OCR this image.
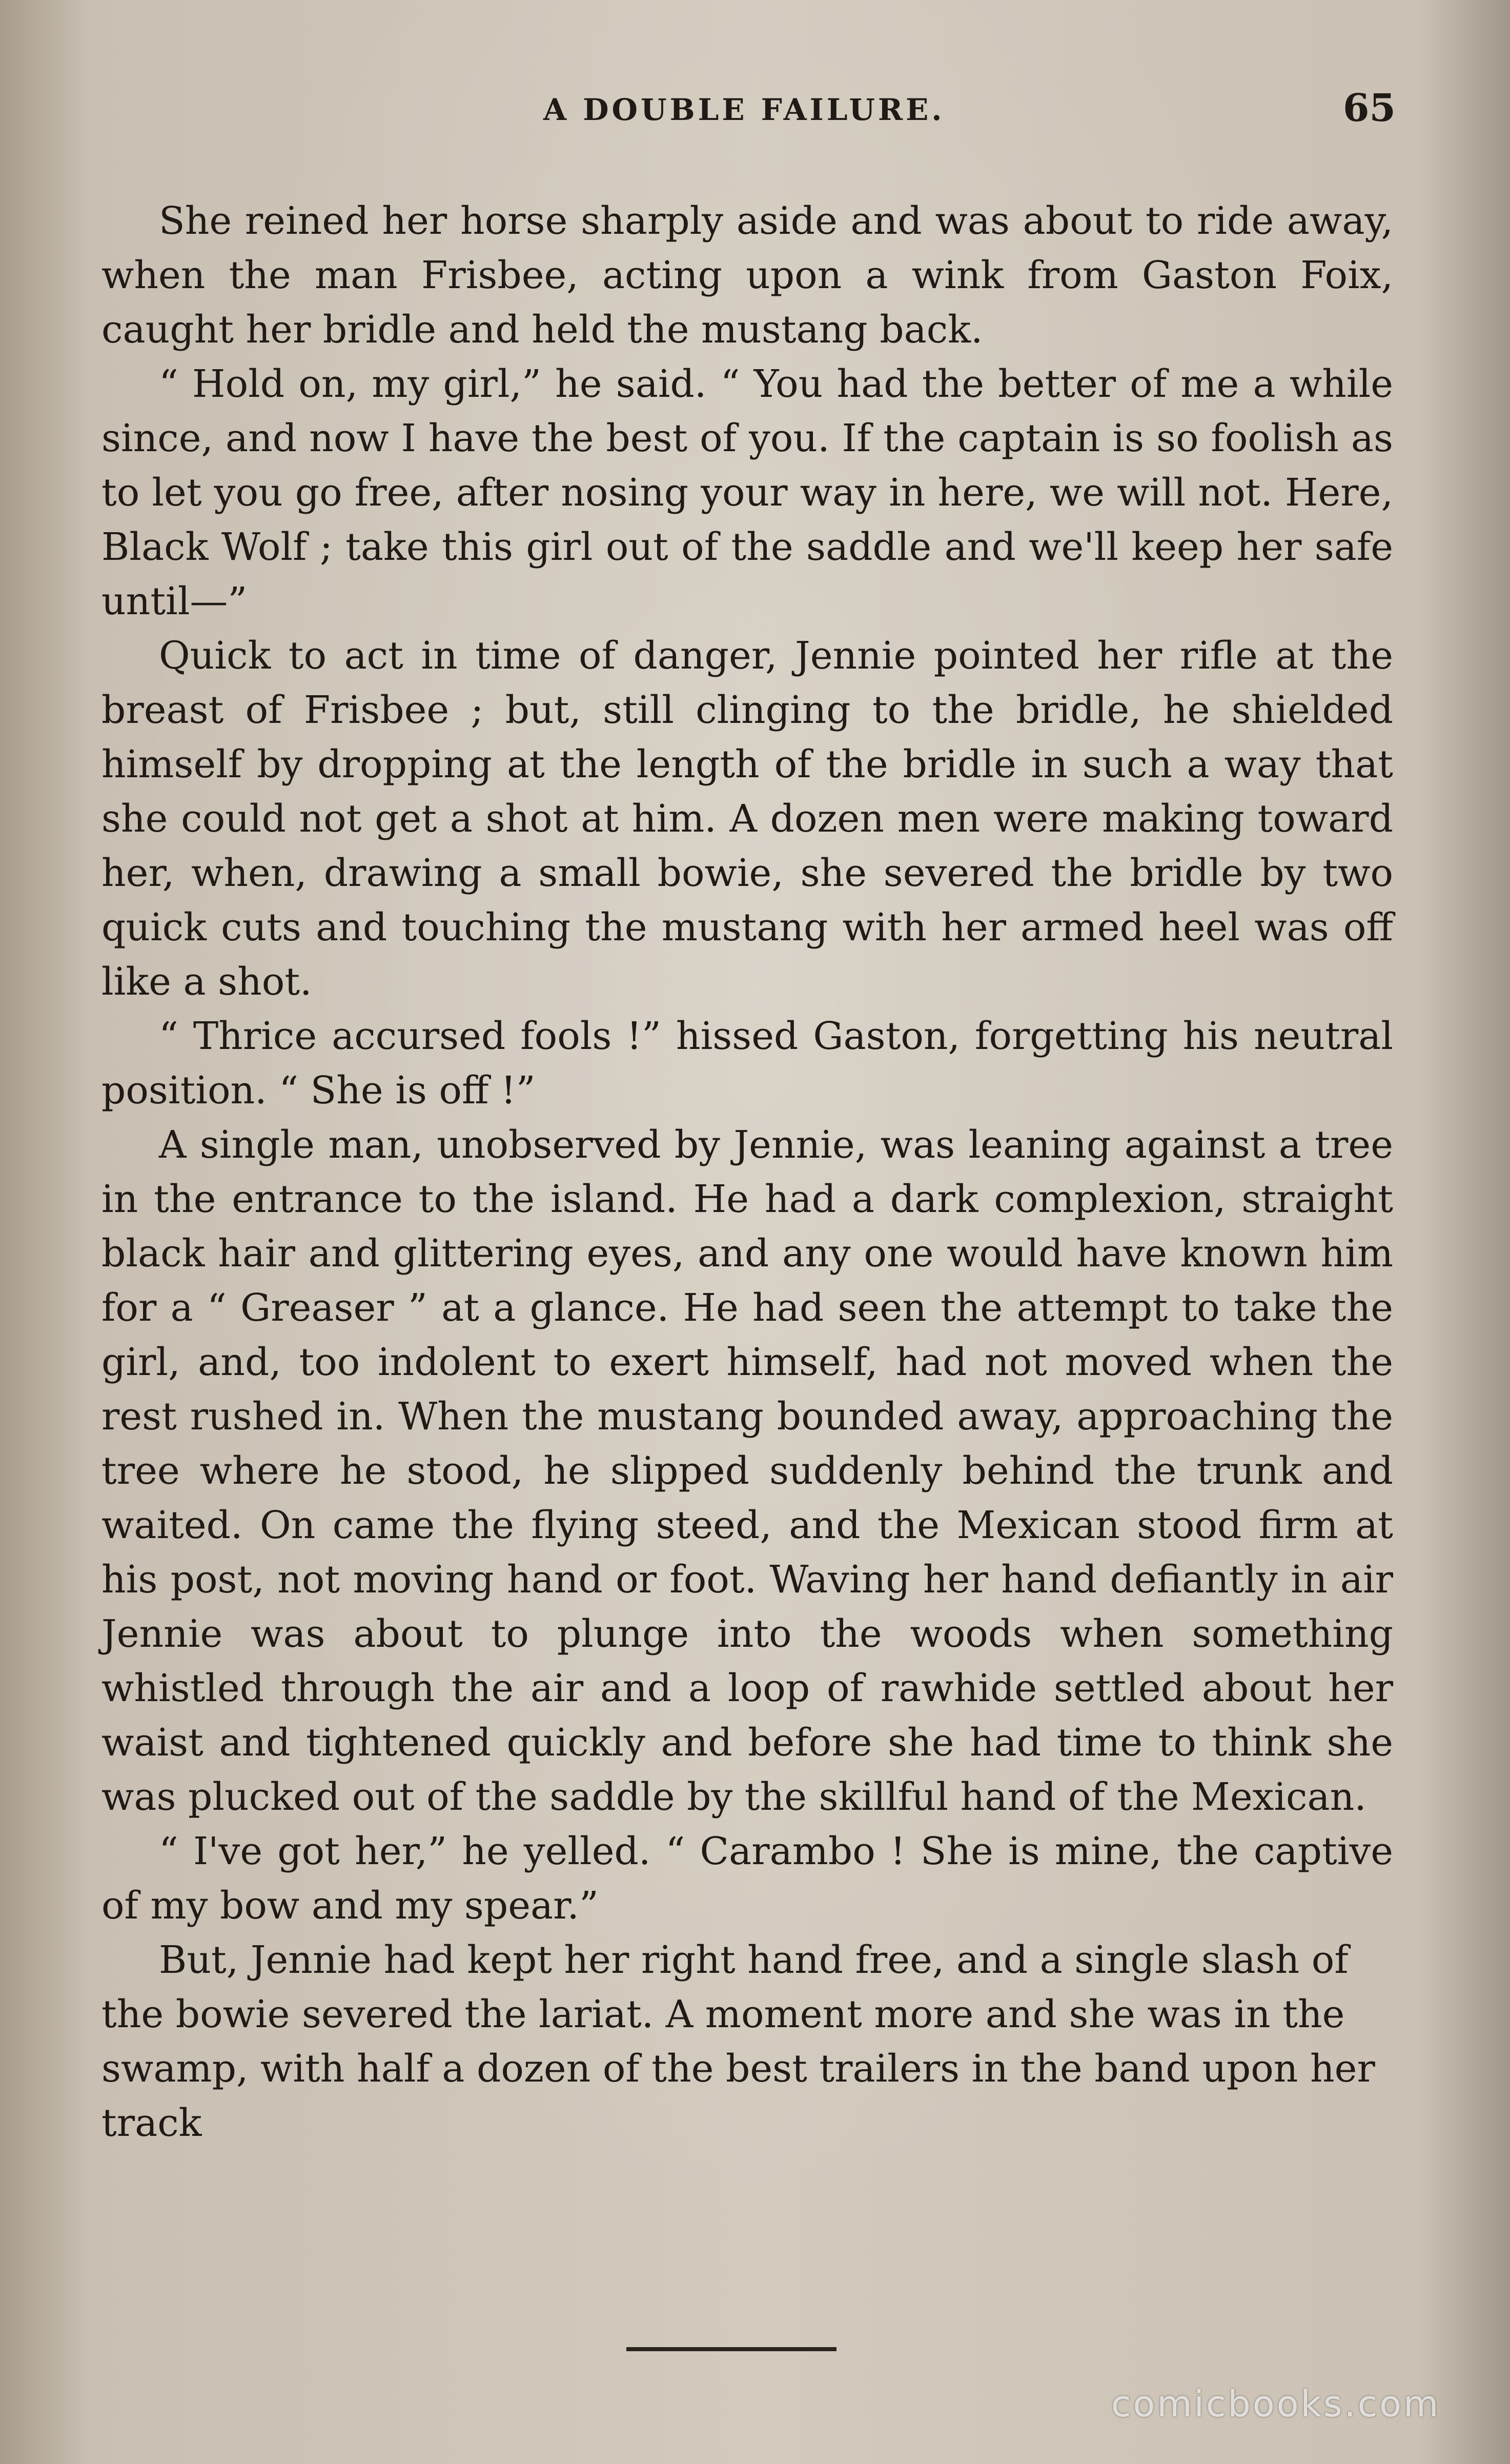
A DOUBLE FAILURE.	65

She reined her horse sharply aside and was about to ride away, when the man Frisbee, acting upon a wink from Gaston Foix, caught her bridle and held the mustang back.

“ Hold on, my girl,” he said. “ You had the better of me a while since, and now I have the best of you. If the captain is so foolish as to let you go free, after nosing your way in here, we will not. Here, Black Wolf ; take this girl out of the saddle and we'll keep her safe until—”

Quick to act in time of danger, Jennie pointed her rifle at the breast of Frisbee ; but, still clinging to the bridle, he shielded himself by dropping at the length of the bridle in such a way that she could not get a shot at him. A dozen men were making toward her, when, drawing a small bowie, she severed the bridle by two quick cuts and touching the mustang with her armed heel was off like a shot.

“ Thrice accursed fools !” hissed Gaston, forgetting his neutral position. “ She is off !”

A single man, unobserved by Jennie, was leaning against a tree in the entrance to the island. He had a dark complexion, straight black hair and glittering eyes, and any one would have known him for a “ Greaser ” at a glance. He had seen the attempt to take the girl, and, too indolent to exert himself, had not moved when the rest rushed in. When the mustang bounded away, approaching the tree where he stood, he slipped suddenly behind the trunk and waited. On came the flying steed, and the Mexican stood firm at his post, not moving hand or foot. Waving her hand defiantly in air Jennie was about to plunge into the woods when something whistled through the air and a loop of rawhide settled about her waist and tightened quickly and before she had time to think she was plucked out of the saddle by the skillful hand of the Mexican.

“ I've got her,” he yelled. “ Carambo ! She is mine, the captive of my bow and my spear.”

But, Jennie had kept her right hand free, and a single slash of the bowie severed the lariat. A moment more and she was in the swamp, with half a dozen of the best trailers in the band upon her track

comicbooks.com
